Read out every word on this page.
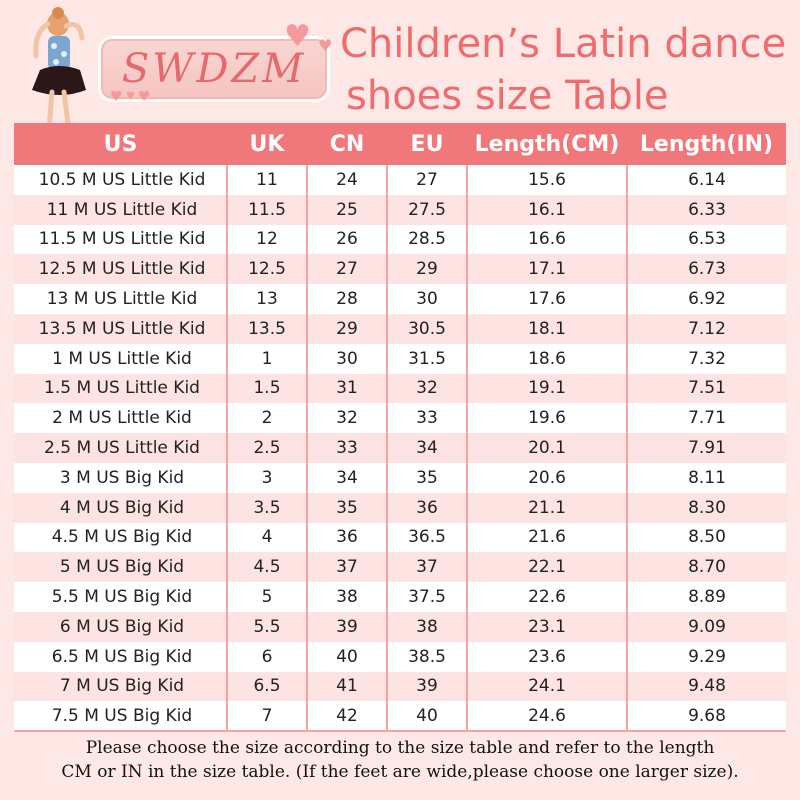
SWDZM
♥ ♥
♥ ♥ ♥
Children’s Latin dance
shoes size Table
US	UK	CN	EU	Length(CM)	Length(IN)
10.5 M US Little Kid	11	24	27	15.6	6.14
11 M US Little Kid	11.5	25	27.5	16.1	6.33
11.5 M US Little Kid	12	26	28.5	16.6	6.53
12.5 M US Little Kid	12.5	27	29	17.1	6.73
13 M US Little Kid	13	28	30	17.6	6.92
13.5 M US Little Kid	13.5	29	30.5	18.1	7.12
1 M US Little Kid	1	30	31.5	18.6	7.32
1.5 M US Little Kid	1.5	31	32	19.1	7.51
2 M US Little Kid	2	32	33	19.6	7.71
2.5 M US Little Kid	2.5	33	34	20.1	7.91
3 M US Big Kid	3	34	35	20.6	8.11
4 M US Big Kid	3.5	35	36	21.1	8.30
4.5 M US Big Kid	4	36	36.5	21.6	8.50
5 M US Big Kid	4.5	37	37	22.1	8.70
5.5 M US Big Kid	5	38	37.5	22.6	8.89
6 M US Big Kid	5.5	39	38	23.1	9.09
6.5 M US Big Kid	6	40	38.5	23.6	9.29
7 M US Big Kid	6.5	41	39	24.1	9.48
7.5 M US Big Kid	7	42	40	24.6	9.68
Please choose the size according to the size table and refer to the length
CM or IN in the size table. (If the feet are wide,please choose one larger size).
